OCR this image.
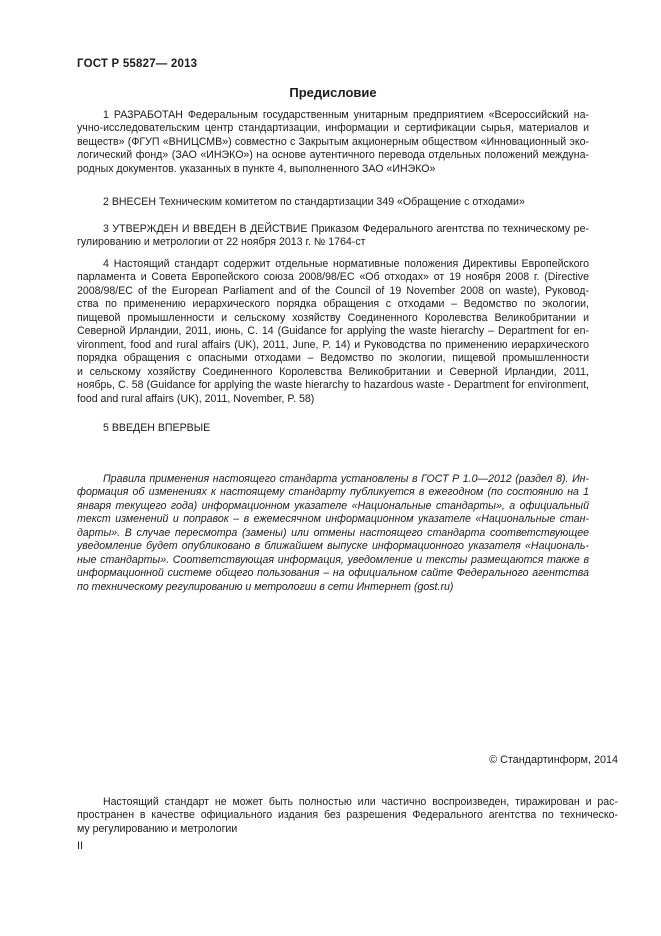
ГОСТ Р 55827— 2013
Предисловие
1 РАЗРАБОТАН Федеральным государственным унитарным предприятием «Всероссийский на-
учно-исследовательским центр стандартизации, информации и сертификации сырья, материалов и
веществ» (ФГУП «ВНИЦСМВ») совместно с Закрытым акционерным обществом «Инновационный эко-
логический фонд» (ЗАО «ИНЭКО») на основе аутентичного перевода отдельных положений междуна-
родных документов. указанных в пункте 4, выполненного ЗАО «ИНЭКО»
2 ВНЕСЕН Техническим комитетом по стандартизации 349 «Обращение с отходами»
3 УТВЕРЖДЕН И ВВЕДЕН В ДЕЙСТВИЕ Приказом Федерального агентства по техническому ре-
гулированию и метрологии от 22 ноября 2013 г. № 1764-ст
4 Настоящий стандарт содержит отдельные нормативные положения Директивы Европейского
парламента и Совета Европейского союза 2008/98/ЕС «Об отходах» от 19 ноября 2008 г. (Directive
2008/98/EC of the European Parliament and of the Council of 19 November 2008 on waste), Руковод-
ства по применению иерархического порядка обращения с отходами – Ведомство по экологии,
пищевой промышленности и сельскому хозяйству Соединенного Королевства Великобритании и
Северной Ирландии, 2011, июнь, С. 14 (Guidance for applying the waste hierarchy – Department for en-
vironment, food and rural affairs (UK), 2011, June, P. 14) и Руководства по применению иерархического
порядка обращения с опасными отходами – Ведомство по экологии, пищевой промышленности
и сельскому хозяйству Соединенного Королевства Великобритании и Северной Ирландии, 2011,
ноябрь, C. 58 (Guidance for applying the waste hierarchy to hazardous waste - Department for environment,
food and rural affairs (UK), 2011, November, P. 58)
5 ВВЕДЕН ВПЕРВЫЕ
Правила применения настоящего стандарта установлены в ГОСТ Р 1.0—2012 (раздел 8). Ин-
формация об изменениях к настоящему стандарту публикуется в ежегодном (по состоянию на 1
января текущего года) информационном указателе «Национальные стандарты», а официальный
текст изменений и поправок – в ежемесячном информационном указателе «Национальные стан-
дарты». В случае пересмотра (замены) или отмены настоящего стандарта соответствующее
уведомление будет опубликовано в ближайшем выпуске информационного указателя «Националь-
ные стандарты». Соответствующая информация, уведомление и тексты размещаются также в
информационной системе общего пользования – на официальном сайте Федерального агентства
по техническому регулированию и метрологии в сети Интернет (gost.ru)
© Стандартинформ, 2014
Настоящий стандарт не может быть полностью или частично воспроизведен, тиражирован и рас-
пространен в качестве официального издания без разрешения Федерального агентства по техническо-
му регулированию и метрологии
II
